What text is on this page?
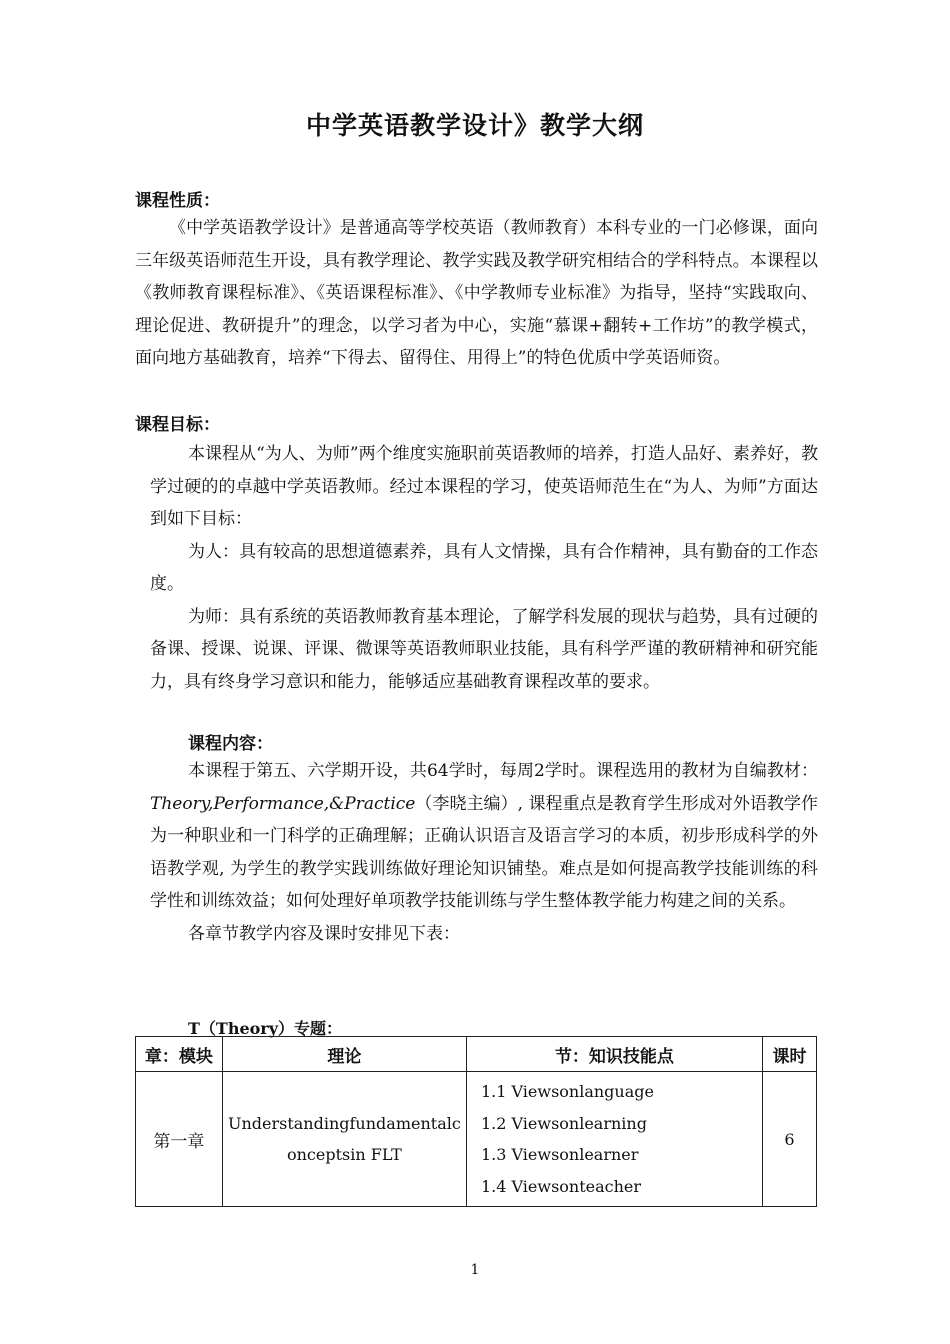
中学英语教学设计》教学大纲
课程性质：

《中学英语教学设计》是普通高等学校英语（教师教育）本科专业的一门必修课，面向三年级英语师范生开设，具有教学理论、教学实践及教学研究相结合的学科特点。本课程以《教师教育课程标准》、《英语课程标准》、《中学教师专业标准》为指导，坚持“实践取向、理论促进、教研提升”的理念，以学习者为中心，实施“慕课+翻转+工作坊”的教学模式，面向地方基础教育，培养“下得去、留得住、用得上”的特色优质中学英语师资。

课程目标：

本课程从“为人、为师”两个维度实施职前英语教师的培养，打造人品好、素养好，教学过硬的的卓越中学英语教师。经过本课程的学习，使英语师范生在“为人、为师”方面达到如下目标：

为人：具有较高的思想道德素养，具有人文情操，具有合作精神，具有勤奋的工作态度。

为师：具有系统的英语教师教育基本理论，了解学科发展的现状与趋势，具有过硬的备课、授课、说课、评课、微课等英语教师职业技能，具有科学严谨的教研精神和研究能力，具有终身学习意识和能力，能够适应基础教育课程改革的要求。

课程内容：

本课程于第五、六学期开设，共64学时，每周2学时。课程选用的教材为自编教材：Theory,Performance,&Practice（李晓主编）, 课程重点是教育学生形成对外语教学作为一种职业和一门科学的正确理解；正确认识语言及语言学习的本质，初步形成科学的外语教学观, 为学生的教学实践训练做好理论知识铺垫。难点是如何提高教学技能训练的科学性和训练效益；如何处理好单项教学技能训练与学生整体教学能力构建之间的关系。

各章节教学内容及课时安排见下表：

T（Theory）专题：
章：模块	理论	节：知识技能点	课时
第一章	Understandingfundamentalconceptsin FLT	1.1 Viewsonlanguage
1.2 Viewsonlearning
1.3 Viewsonlearner
1.4 Viewsonteacher	6
1
